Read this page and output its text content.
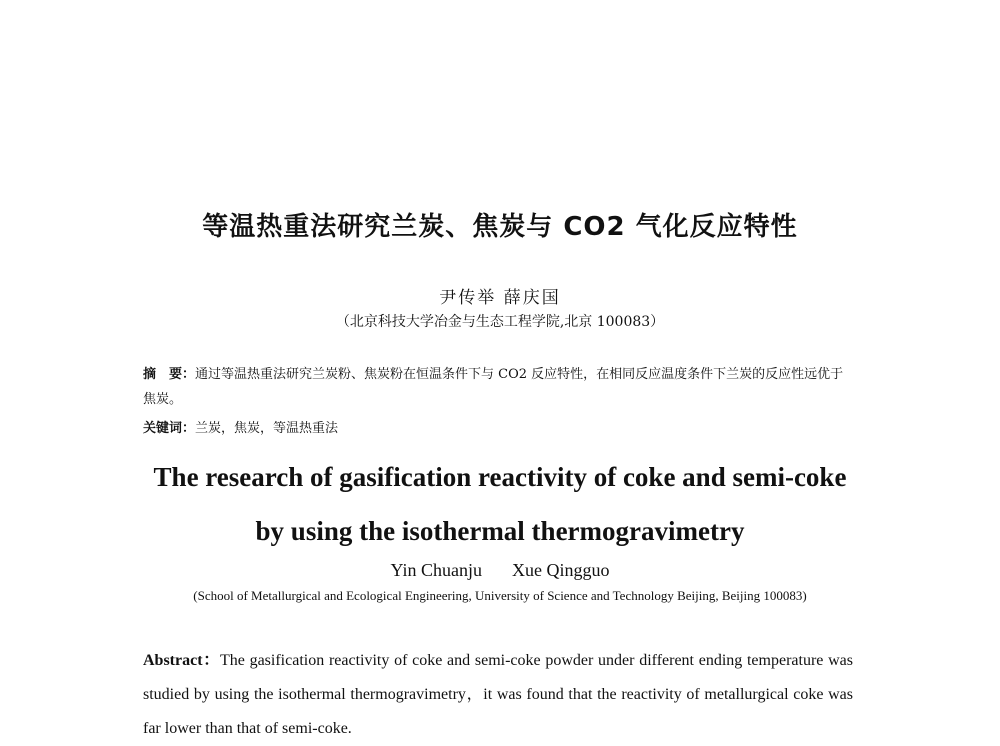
等温热重法研究兰炭、焦炭与 CO2 气化反应特性
尹传举 薛庆国
（北京科技大学冶金与生态工程学院,北京 100083）
摘　要：通过等温热重法研究兰炭粉、焦炭粉在恒温条件下与 CO2 反应特性，在相同反应温度条件下兰炭的反应性远优于焦炭。
关键词：兰炭，焦炭，等温热重法
The research of gasification reactivity of coke and semi-coke
by using the isothermal thermogravimetry
Yin Chuanju Xue Qingguo
(School of Metallurgical and Ecological Engineering, University of Science and Technology Beijing, Beijing 100083)
Abstract：The gasification reactivity of coke and semi-coke powder under different ending temperature was studied by using the isothermal thermogravimetry，it was found that the reactivity of metallurgical coke was far lower than that of semi-coke.
